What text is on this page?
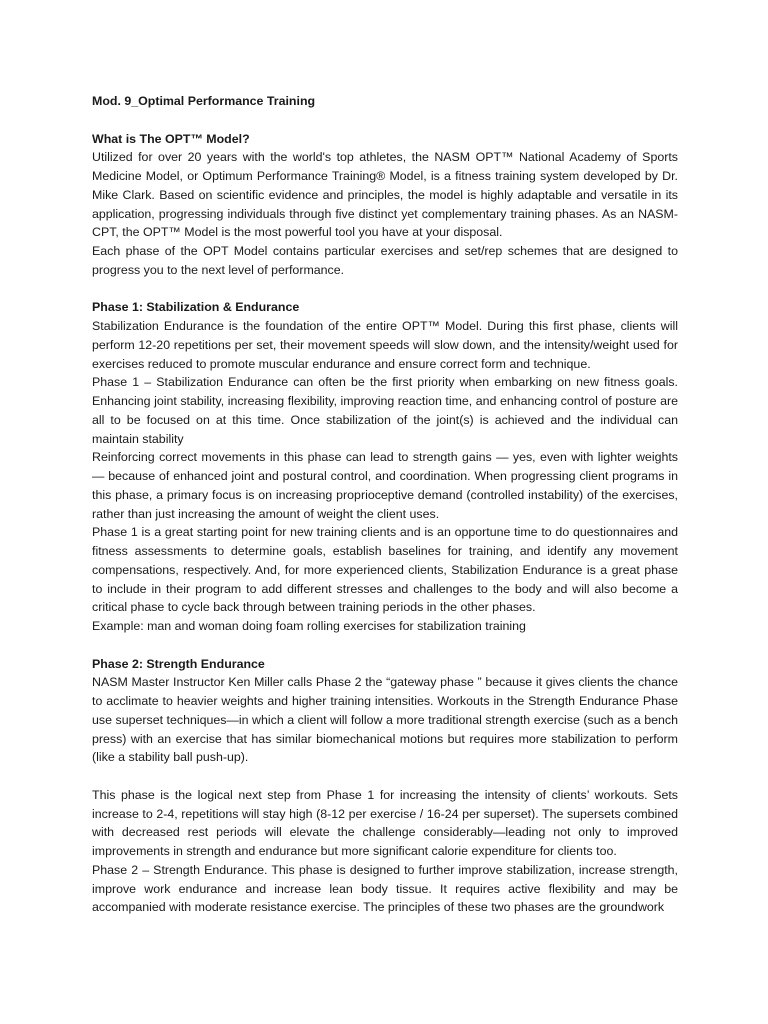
Mod. 9_Optimal Performance Training

What is The OPT™ Model?

Utilized for over 20 years with the world's top athletes, the NASM OPT™ National Academy of Sports Medicine Model, or Optimum Performance Training® Model, is a fitness training system developed by Dr. Mike Clark. Based on scientific evidence and principles, the model is highly adaptable and versatile in its application, progressing individuals through five distinct yet complementary training phases. As an NASM-CPT, the OPT™ Model is the most powerful tool you have at your disposal.

Each phase of the OPT Model contains particular exercises and set/rep schemes that are designed to progress you to the next level of performance.

Phase 1: Stabilization & Endurance

Stabilization Endurance is the foundation of the entire OPT™ Model. During this first phase, clients will perform 12-20 repetitions per set, their movement speeds will slow down, and the intensity/weight used for exercises reduced to promote muscular endurance and ensure correct form and technique.

Phase 1 – Stabilization Endurance can often be the first priority when embarking on new fitness goals. Enhancing joint stability, increasing flexibility, improving reaction time, and enhancing control of posture are all to be focused on at this time. Once stabilization of the joint(s) is achieved and the individual can maintain stability

Reinforcing correct movements in this phase can lead to strength gains — yes, even with lighter weights — because of enhanced joint and postural control, and coordination. When progressing client programs in this phase, a primary focus is on increasing proprioceptive demand (controlled instability) of the exercises, rather than just increasing the amount of weight the client uses.

Phase 1 is a great starting point for new training clients and is an opportune time to do questionnaires and fitness assessments to determine goals, establish baselines for training, and identify any movement compensations, respectively. And, for more experienced clients, Stabilization Endurance is a great phase to include in their program to add different stresses and challenges to the body and will also become a critical phase to cycle back through between training periods in the other phases.

Example: man and woman doing foam rolling exercises for stabilization training

Phase 2: Strength Endurance

NASM Master Instructor Ken Miller calls Phase 2 the “gateway phase ” because it gives clients the chance to acclimate to heavier weights and higher training intensities. Workouts in the Strength Endurance Phase use superset techniques—in which a client will follow a more traditional strength exercise (such as a bench press) with an exercise that has similar biomechanical motions but requires more stabilization to perform (like a stability ball push-up).

This phase is the logical next step from Phase 1 for increasing the intensity of clients’ workouts. Sets increase to 2-4, repetitions will stay high (8-12 per exercise / 16-24 per superset). The supersets combined with decreased rest periods will elevate the challenge considerably—leading not only to improved improvements in strength and endurance but more significant calorie expenditure for clients too.

Phase 2 – Strength Endurance. This phase is designed to further improve stabilization, increase strength, improve work endurance and increase lean body tissue. It requires active flexibility and may be accompanied with moderate resistance exercise. The principles of these two phases are the groundwork
